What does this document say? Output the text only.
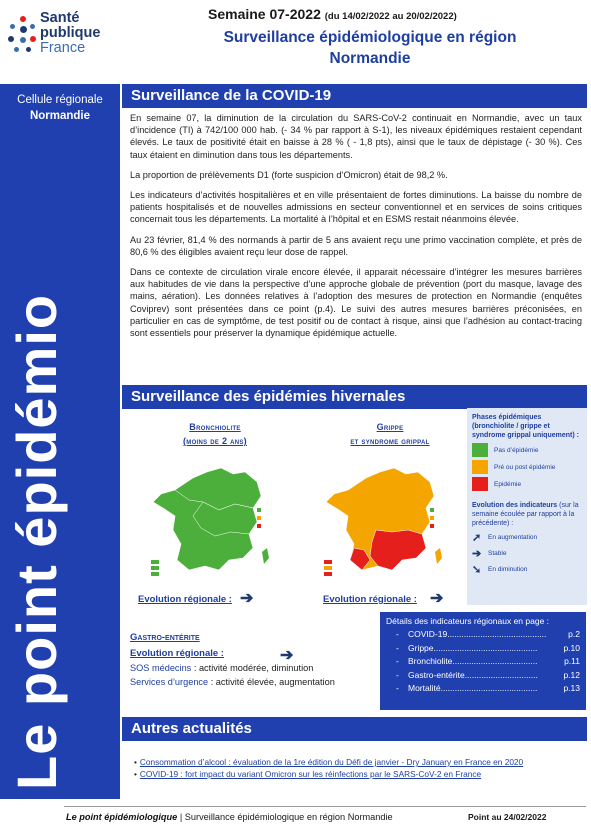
Santé
publique
France
Semaine 07-2022 (du 14/02/2022 au 20/02/2022)
Surveillance épidémiologique en région
Normandie
Cellule régionale
Normandie
Le point épidémio
Surveillance de la COVID-19

En semaine 07, la diminution de la circulation du SARS-CoV-2 continuait en Normandie, avec un taux d’incidence (TI) à 742/100 000 hab. (- 34 % par rapport à S-1), les niveaux épidémiques restaient cependant élevés. Le taux de positivité était en baisse à 28 % ( - 1,8 pts), ainsi que le taux de dépistage (- 30 %). Ces taux étaient en diminution dans tous les départements.

La proportion de prélèvements D1 (forte suspicion d’Omicron) était de 98,2 %.

Les indicateurs d’activités hospitalières et en ville présentaient de fortes diminutions. La baisse du nombre de patients hospitalisés et de nouvelles admissions en secteur conventionnel et en services de soins critiques concernait tous les départements. La mortalité à l’hôpital et en ESMS restait néanmoins élevée.

Au 23 février, 81,4 % des normands à partir de 5 ans avaient reçu une primo vaccination complète, et près de 80,6 % des éligibles avaient reçu leur dose de rappel.

Dans ce contexte de circulation virale encore élevée, il apparait nécessaire d’intégrer les mesures barrières aux habitudes de vie dans la perspective d’une approche globale de prévention (port du masque, lavage des mains, aération). Les données relatives à l’adoption des mesures de protection en Normandie (enquêtes Coviprev) sont présentées dans ce point (p.4). Le suivi des autres mesures barrières préconisées, en particulier en cas de symptôme, de test positif ou de contact à risque, ainsi que l’adhésion au contact-tracing sont essentiels pour préserver la dynamique épidémique actuelle.

Surveillance des épidémies hivernales
Bronchiolite
(moins de 2 ans)
Grippe
et syndrome grippal
Evolution régionale : ➔	Evolution régionale : ➔
Phases épidémiques
(bronchiolite / grippe et syndrome grippal uniquement) :
Pas d’épidémie
Pré ou post épidémie
Epidémie
Evolution des indicateurs (sur la semaine écoulée par rapport à la précédente) :
➚	En augmentation
➔	Stable
➘	En diminution
Gastro-entérite
Evolution régionale :
SOS médecins : activité modérée, diminution
Services d’urgence : activité élevée, augmentation
➔
Détails des indicateurs régionaux en page :
-	COVID-19..........................................	p.2
-	Grippe............................................	p.10
-	Bronchiolite....................................	p.11
-	Gastro-entérite...............................	p.12
-	Mortalité.........................................	p.13
Autres actualités
• Consommation d’alcool : évaluation de la 1re édition du Défi de janvier - Dry January en France en 2020
• COVID-19 : fort impact du variant Omicron sur les réinfections par le SARS-CoV-2 en France
Le point épidémiologique | Surveillance épidémiologique en région Normandie	Point au 24/02/2022
